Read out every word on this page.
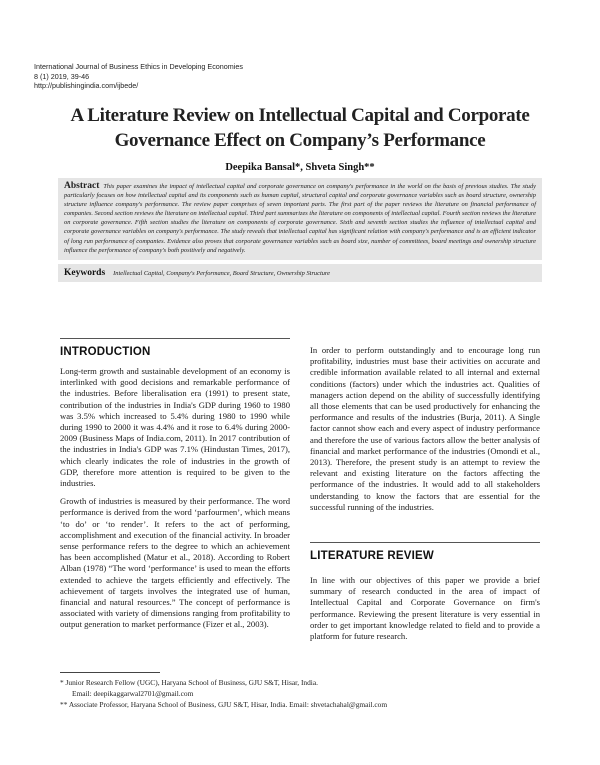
International Journal of Business Ethics in Developing Economies
8 (1) 2019, 39-46
http://publishingindia.com/ijbede/
A Literature Review on Intellectual Capital and Corporate
Governance Effect on Company’s Performance
Deepika Bansal*, Shveta Singh**

Abstract This paper examines the impact of intellectual capital and corporate governance on company's performance in the world on the basis of previous studies. The study particularly focuses on how intellectual capital and its components such as human capital, structural capital and corporate governance variables such as board structure, ownership structure influence company's performance. The review paper comprises of seven important parts. The first part of the paper reviews the literature on financial performance of companies. Second section reviews the literature on intellectual capital. Third part summarizes the literature on components of intellectual capital. Fourth section reviews the literature on corporate governance. Fifth section studies the literature on components of corporate governance. Sixth and seventh section studies the influence of intellectual capital and corporate governance variables on company's performance. The study reveals that intellectual capital has significant relation with company's performance and is an efficient indicator of long run performance of companies. Evidence also proves that corporate governance variables such as board size, number of committees, board meetings and ownership structure influence the performance of company's both positively and negatively.

Keywords Intellectual Capital, Company's Performance, Board Structure, Ownership Structure
INTRODUCTION

Long-term growth and sustainable development of an economy is interlinked with good decisions and remarkable performance of the industries. Before liberalisation era (1991) to present state, contribution of the industries in India's GDP during 1960 to 1980 was 3.5% which increased to 5.4% during 1980 to 1990 while during 1990 to 2000 it was 4.4% and it rose to 6.4% during 2000-2009 (Business Maps of India.com, 2011). In 2017 contribution of the industries in India's GDP was 7.1% (Hindustan Times, 2017), which clearly indicates the role of industries in the growth of GDP, therefore more attention is required to be given to the industries.

Growth of industries is measured by their performance. The word performance is derived from the word ‘parfourmen’, which means ‘to do’ or ‘to render’. It refers to the act of performing, accomplishment and execution of the financial activity. In broader sense performance refers to the degree to which an achievement has been accomplished (Matur et al., 2018). According to Robert Alban (1978) “The word ‘performance’ is used to mean the efforts extended to achieve the targets efficiently and effectively. The achievement of targets involves the integrated use of human, financial and natural resources.” The concept of performance is associated with variety of dimensions ranging from profitability to output generation to market performance (Fizer et al., 2003).

In order to perform outstandingly and to encourage long run profitability, industries must base their activities on accurate and credible information available related to all internal and external conditions (factors) under which the industries act. Qualities of managers action depend on the ability of successfully identifying all those elements that can be used productively for enhancing the performance and results of the industries (Burja, 2011). A Single factor cannot show each and every aspect of industry performance and therefore the use of various factors allow the better analysis of financial and market performance of the industries (Omondi et al., 2013). Therefore, the present study is an attempt to review the relevant and existing literature on the factors affecting the performance of the industries. It would add to all stakeholders understanding to know the factors that are essential for the successful running of the industries.

LITERATURE REVIEW
In line with our objectives of this paper we provide a brief summary of research conducted in the area of impact of Intellectual Capital and Corporate Governance on firm's performance. Reviewing the present literature is very essential in order to get important knowledge related to field and to provide a platform for future research.
* Junior Research Fellow (UGC), Haryana School of Business, GJU S&T, Hisar, India.
Email: deepikaggarwal2701@gmail.com
** Associate Professor, Haryana School of Business, GJU S&T, Hisar, India. Email: shvetachahal@gmail.com
